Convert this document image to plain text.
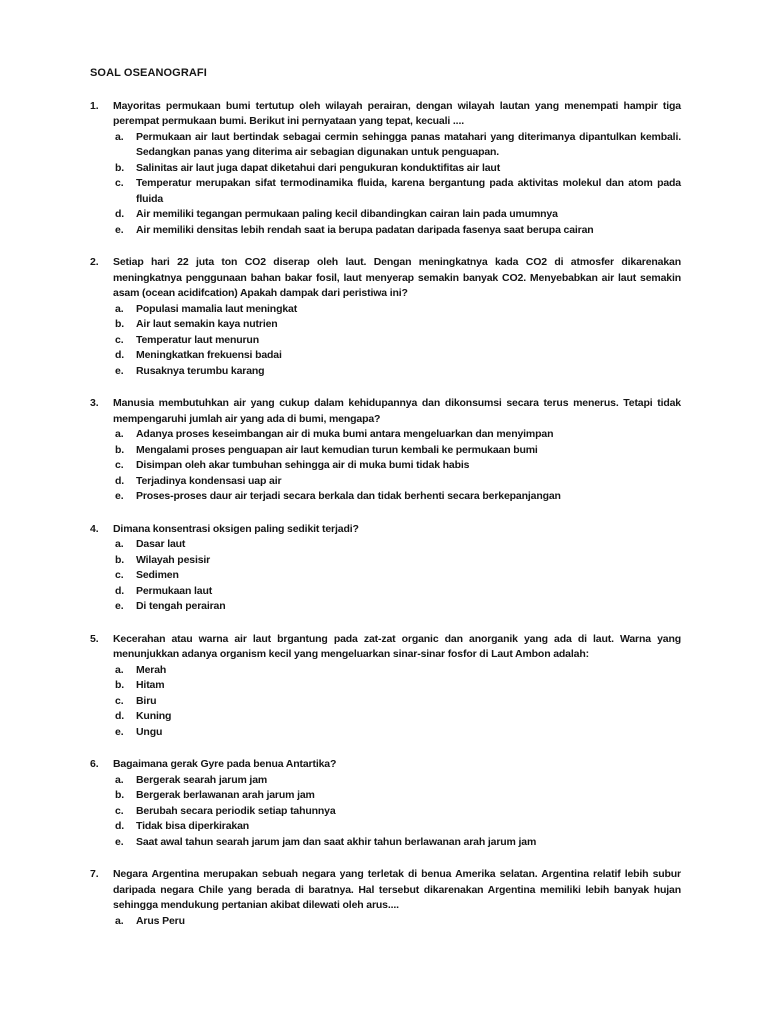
SOAL OSEANOGRAFI
1.	Mayoritas permukaan bumi tertutup oleh wilayah perairan, dengan wilayah lautan yang menempati hampir tiga perempat permukaan bumi. Berikut ini pernyataan yang tepat, kecuali ....
a.	Permukaan air laut bertindak sebagai cermin sehingga panas matahari yang diterimanya dipantulkan kembali. Sedangkan panas yang diterima air sebagian digunakan untuk penguapan.
b.	Salinitas air laut juga dapat diketahui dari pengukuran konduktifitas air laut
c.	Temperatur merupakan sifat termodinamika fluida, karena bergantung pada aktivitas molekul dan atom pada fluida
d.	Air memiliki tegangan permukaan paling kecil dibandingkan cairan lain pada umumnya
e.	Air memiliki densitas lebih rendah saat ia berupa padatan daripada fasenya saat berupa cairan
2.	Setiap hari 22 juta ton CO2 diserap oleh laut. Dengan meningkatnya kada CO2 di atmosfer dikarenakan meningkatnya penggunaan bahan bakar fosil, laut menyerap semakin banyak CO2. Menyebabkan air laut semakin asam (ocean acidifcation) Apakah dampak dari peristiwa ini?
a.	Populasi mamalia laut meningkat
b.	Air laut semakin kaya nutrien
c.	Temperatur laut menurun
d.	Meningkatkan frekuensi badai
e.	Rusaknya terumbu karang
3.	Manusia membutuhkan air yang cukup dalam kehidupannya dan dikonsumsi secara terus menerus. Tetapi tidak mempengaruhi jumlah air yang ada di bumi, mengapa?
a.	Adanya proses keseimbangan air di muka bumi antara mengeluarkan dan menyimpan
b.	Mengalami proses penguapan air laut kemudian turun kembali ke permukaan bumi
c.	Disimpan oleh akar tumbuhan sehingga air di muka bumi tidak habis
d.	Terjadinya kondensasi uap air
e.	Proses-proses daur air terjadi secara berkala dan tidak berhenti secara berkepanjangan
4.	Dimana konsentrasi oksigen paling sedikit terjadi?
a.	Dasar laut
b.	Wilayah pesisir
c.	Sedimen
d.	Permukaan laut
e.	Di tengah perairan
5.	Kecerahan atau warna air laut brgantung pada zat-zat organic dan anorganik yang ada di laut. Warna yang menunjukkan adanya organism kecil yang mengeluarkan sinar-sinar fosfor di Laut Ambon adalah:
a.	Merah
b.	Hitam
c.	Biru
d.	Kuning
e.	Ungu
6.	Bagaimana gerak Gyre pada benua Antartika?
a.	Bergerak searah jarum jam
b.	Bergerak berlawanan arah jarum jam
c.	Berubah secara periodik setiap tahunnya
d.	Tidak bisa diperkirakan
e.	Saat awal tahun searah jarum jam dan saat akhir tahun berlawanan arah jarum jam
7.	Negara Argentina merupakan sebuah negara yang terletak di benua Amerika selatan. Argentina relatif lebih subur daripada negara Chile yang berada di baratnya. Hal tersebut dikarenakan Argentina memiliki lebih banyak hujan sehingga mendukung pertanian akibat dilewati oleh arus....
a.	Arus Peru
